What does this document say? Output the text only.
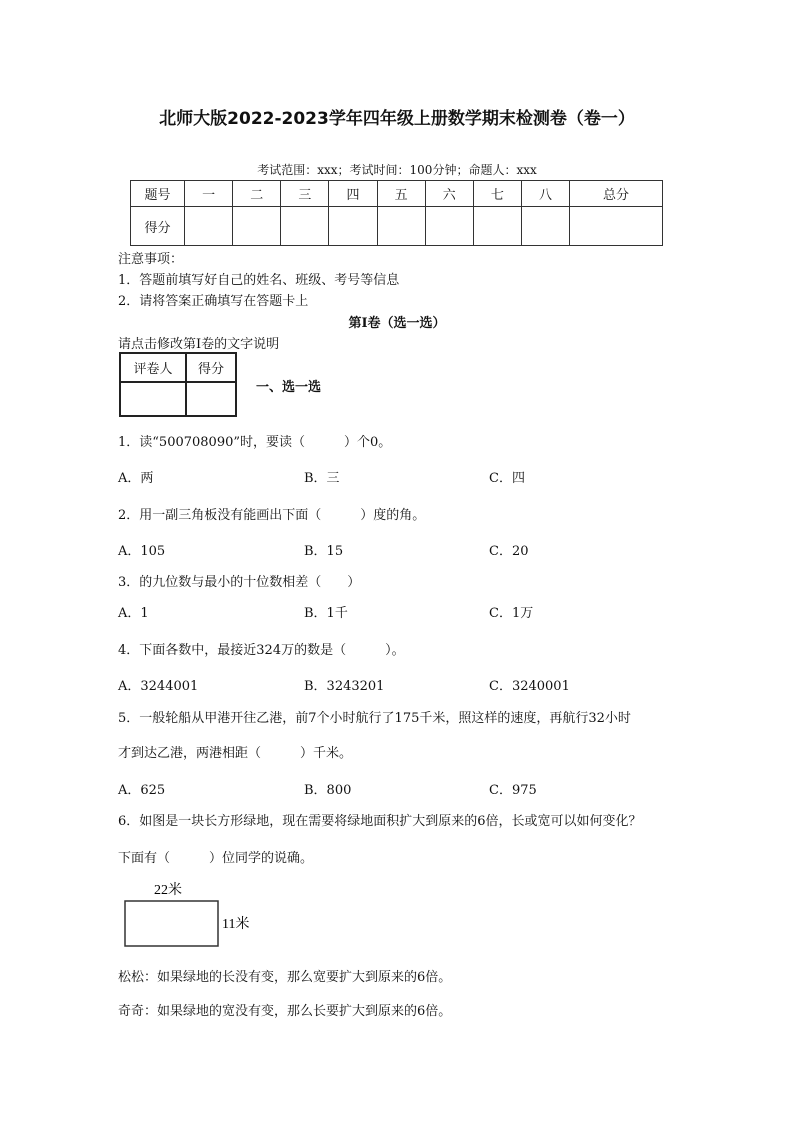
北师大版2022-2023学年四年级上册数学期末检测卷（卷一）
考试范围：xxx；考试时间：100分钟；命题人：xxx
题号	一	二	三	四	五	六	七	八	总分
得分									
注意事项：
1．答题前填写好自己的姓名、班级、考号等信息
2．请将答案正确填写在答题卡上
第I卷（选一选）
请点击修改第I卷的文字说明
评卷人	得分

一、选一选
1．读“500708090”时，要读（　　　）个0。
A．两	B．三	C．四
2．用一副三角板没有能画出下面（　　　）度的角。
A．105	B．15	C．20
3．的九位数与最小的十位数相差（　　）
A．1	B．1千	C．1万
4．下面各数中，最接近324万的数是（　　　）。
A．3244001	B．3243201	C．3240001
5．一般轮船从甲港开往乙港，前7个小时航行了175千米，照这样的速度，再航行32小时
才到达乙港，两港相距（　　　）千米。
A．625	B．800	C．975
6．如图是一块长方形绿地，现在需要将绿地面积扩大到原来的6倍，长或宽可以如何变化？
下面有（　　　）位同学的说确。
22米
11米
松松：如果绿地的长没有变，那么宽要扩大到原来的6倍。
奇奇：如果绿地的宽没有变，那么长要扩大到原来的6倍。
